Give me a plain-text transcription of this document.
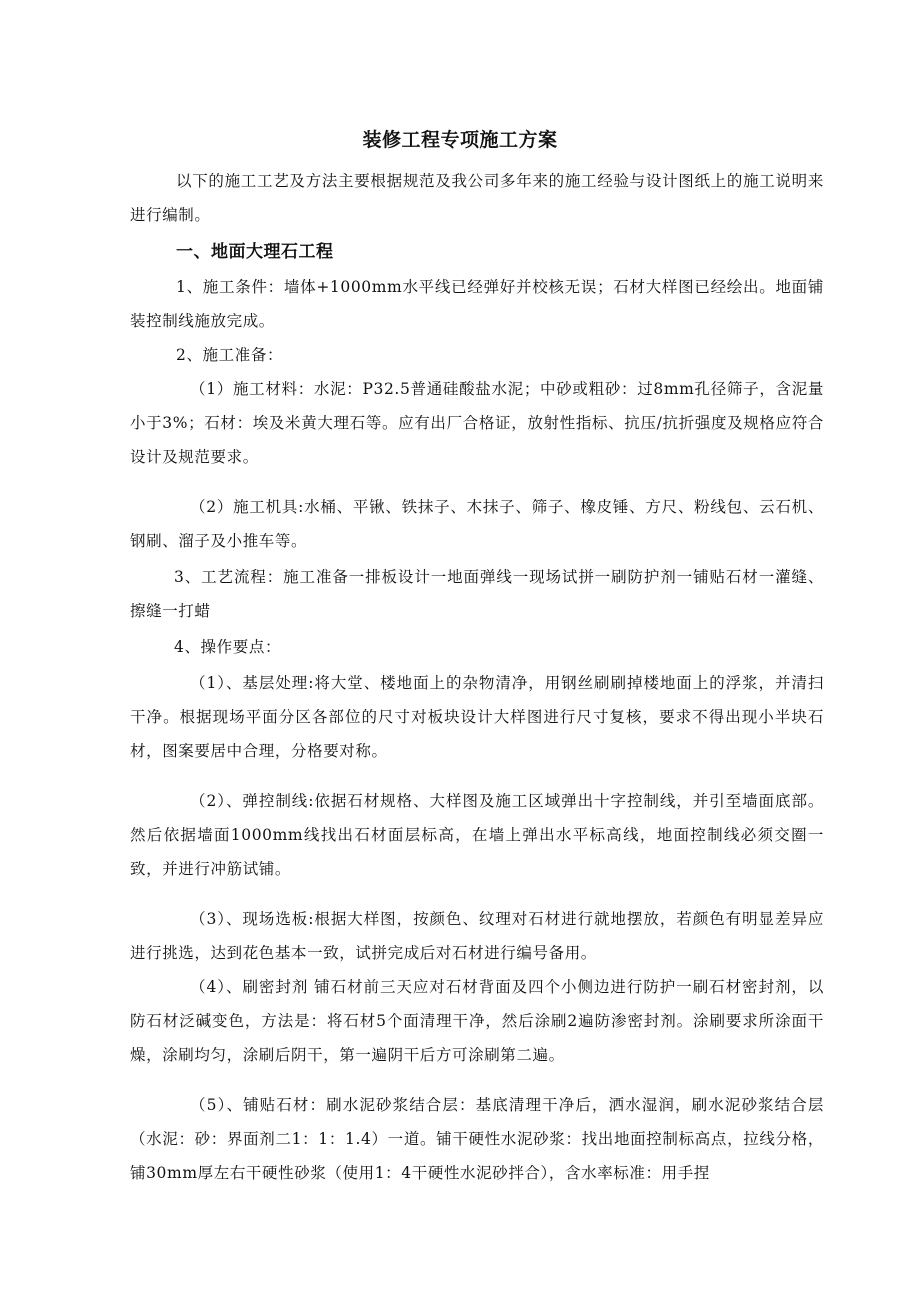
装修工程专项施工方案

以下的施工工艺及方法主要根据规范及我公司多年来的施工经验与设计图纸上的施工说明来进行编制。

一、地面大理石工程

1、施工条件：墙体+1000mm水平线已经弹好并校核无误；石材大样图已经绘出。地面铺装控制线施放完成。

2、施工准备：

（1）施工材料：水泥：P32.5普通硅酸盐水泥；中砂或粗砂：过8mm孔径筛子，含泥量小于3%；石材：埃及米黄大理石等。应有出厂合格证，放射性指标、抗压/抗折强度及规格应符合设计及规范要求。

（2）施工机具:水桶、平锹、铁抹子、木抹子、筛子、橡皮锤、方尺、粉线包、云石机、钢刷、溜子及小推车等。

3、工艺流程：施工准备一排板设计一地面弹线一现场试拼一刷防护剂一铺贴石材一灌缝、擦缝一打蜡

4、操作要点：

（1）、基层处理:将大堂、楼地面上的杂物清净，用钢丝刷刷掉楼地面上的浮浆，并清扫干净。根据现场平面分区各部位的尺寸对板块设计大样图进行尺寸复核，要求不得出现小半块石材，图案要居中合理，分格要对称。

（2）、弹控制线:依据石材规格、大样图及施工区域弹出十字控制线，并引至墙面底部。然后依据墙面1000mm线找出石材面层标高，在墙上弹出水平标高线，地面控制线必须交圈一致，并进行冲筋试铺。

（3）、现场选板:根据大样图，按颜色、纹理对石材进行就地摆放，若颜色有明显差异应进行挑选，达到花色基本一致，试拼完成后对石材进行编号备用。

（4）、刷密封剂 铺石材前三天应对石材背面及四个小侧边进行防护一刷石材密封剂，以防石材泛碱变色，方法是：将石材5个面清理干净，然后涂刷2遍防渗密封剂。涂刷要求所涂面干燥，涂刷均匀，涂刷后阴干，第一遍阴干后方可涂刷第二遍。

（5）、铺贴石材：刷水泥砂浆结合层：基底清理干净后，洒水湿润，刷水泥砂浆结合层（水泥：砂：界面剂二1：1：1.4）一道。铺干硬性水泥砂浆：找出地面控制标高点，拉线分格，铺30mm厚左右干硬性砂浆（使用1：4干硬性水泥砂拌合），含水率标准：用手捏
